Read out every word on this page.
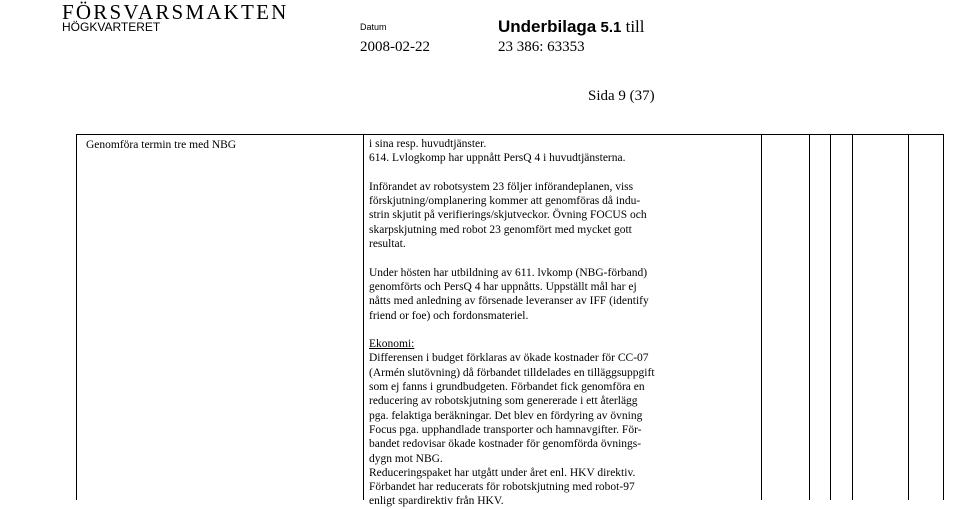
FÖRSVARSMAKTEN
HÖGKVARTERET	Datum
2008-02-22
Underbilaga 5.1 till
23 386: 63353
Sida 9 (37)
Genomföra termin tre med NBG	i sina resp. huvudtjänster.
614. Lvlogkomp har uppnått PersQ 4 i huvudtjänsterna.

Införandet av robotsystem 23 följer införandeplanen, viss
förskjutning/omplanering kommer att genomföras då indu-
strin skjutit på verifierings/skjutveckor. Övning FOCUS och
skarpskjutning med robot 23 genomfört med mycket gott
resultat.

Under hösten har utbildning av 611. lvkomp (NBG-förband)
genomförts och PersQ 4 har uppnåtts. Uppställt mål har ej
nåtts med anledning av försenade leveranser av IFF (identify
friend or foe) och fordonsmateriel.

Ekonomi:
Differensen i budget förklaras av ökade kostnader för CC-07
(Armén slutövning) då förbandet tilldelades en tilläggsuppgift
som ej fanns i grundbudgeten. Förbandet fick genomföra en
reducering av robotskjutning som genererade i ett återlägg
pga. felaktiga beräkningar. Det blev en fördyring av övning
Focus pga. upphandlade transporter och hamnavgifter. För-
bandet redovisar ökade kostnader för genomförda övnings-
dygn mot NBG.
Reduceringspaket har utgått under året enl. HKV direktiv.
Förbandet har reducerats för robotskjutning med robot-97
enligt spardirektiv från HKV.
